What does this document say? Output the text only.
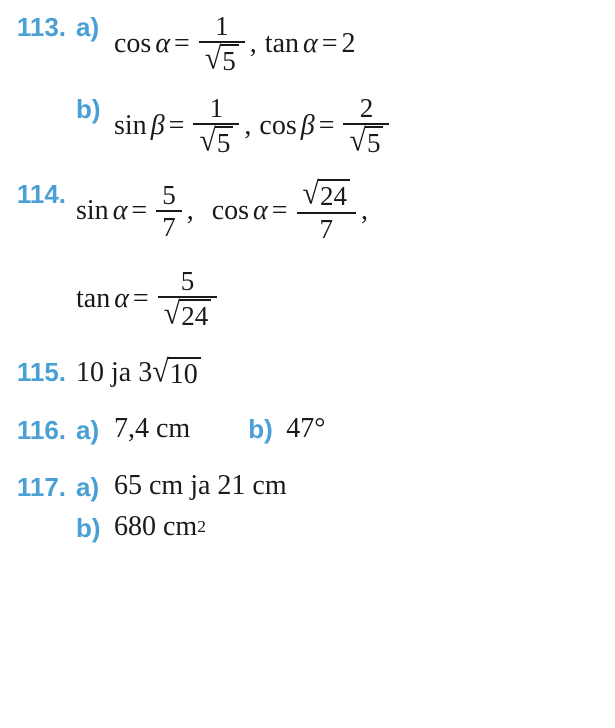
113. a)
$\cos \alpha = \frac{1}{√ 5}$ , tan α = 2
b)
$\sin \beta = \frac{1}{√ 5}$ , $\cos \beta = \frac{2}{√ 5}$
114.
$\sin \alpha = \frac{5}{7}$ , $\cos \alpha = \frac{√ 24}{7}$ ,
$\tan \alpha = \frac{5}{√ 24}$
115. 10 ja 3 √ 10
116. a) 7,4 cm b) 47°
117. a) 65 cm ja 21 cm
b) 680 cm 2
